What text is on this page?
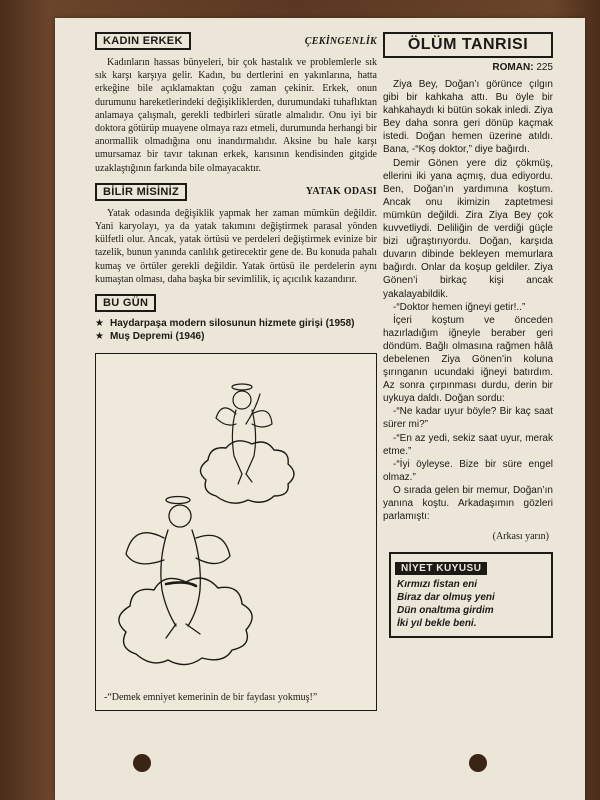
KADIN ERKEK	ÇEKİNGENLİK

Kadınların hassas bünyeleri, bir çok hastalık ve problemlerle sık sık karşı karşıya gelir. Kadın, bu dertlerini en yakınlarına, hatta erkeğine bile açıklamaktan çoğu zaman çekinir. Erkek, onun durumunu hareketlerindeki değişikliklerden, durumundaki tuhaflıktan anlamaya çalışmalı, gerekli tedbirleri süratle almalıdır. Onu iyi bir doktora götürüp muayene olmaya razı etmeli, durumunda herhangi bir anormallik olmadığına onu inandırmalıdır. Aksine bu hale karşı umursamaz bir tavır takınan erkek, karısının kendisinden gitgide uzaklaştığının farkında bile olmayacaktır.

BİLİR MİSİNİZ	YATAK ODASI

Yatak odasında değişiklik yapmak her zaman mümkün değildir. Yani karyolayı, ya da yatak takımını değiştirmek parasal yönden külfetli olur. Ancak, yatak örtüsü ve perdeleri değiştirmek evinize bir tazelik, bunun yanında canlılık getirecektir gene de. Bu konuda pahalı kumaş ve örtüler gerekli değildir. Yatak örtüsü ile perdelerin aynı kumaştan olması, daha başka bir sevimlilik, iç açıcılık kazandırır.

BU GÜN
★ Haydarpaşa modern silosunun hizmete girişi (1958)
★ Muş Depremi (1946)
-“Demek emniyet kemerinin de bir faydası yokmuş!”
ÖLÜM TANRISI
ROMAN: 225

Ziya Bey, Doğan’ı görünce çılgın gibi bir kahkaha attı. Bu öyle bir kahkahaydı ki bütün sokak inledi. Ziya Bey daha sonra geri dönüp kaçmak istedi. Doğan hemen üzerine atıldı. Bana, -“Koş doktor,” diye bağırdı.

Demir Gönen yere diz çökmüş, ellerini iki yana açmış, dua ediyordu. Ben, Doğan’ın yardımına koştum. Ancak onu ikimizin zaptetmesi mümkün değildi. Zira Ziya Bey çok kuvvetliydi. Deliliğin de verdiği güçle bizi uğraştırıyordu. Doğan, karşıda duvarın dibinde bekleyen memurlara bağırdı. Onlar da koşup geldiler. Ziya Gönen’i birkaç kişi ancak yakalayabildik.

-“Doktor hemen iğneyi getir!..”

İçeri koştum ve önceden hazırladığım iğneyle beraber geri döndüm. Bağlı olmasına rağmen hâlâ debelenen Ziya Gönen’in koluna şırınganın ucundaki iğneyi batırdım. Az sonra çırpınması durdu, derin bir uykuya daldı. Doğan sordu:

-“Ne kadar uyur böyle? Bir kaç saat sürer mi?”

-“En az yedi, sekiz saat uyur, merak etme.”

-“İyi öyleyse. Bize bir süre engel olmaz.”

O sırada gelen bir memur, Doğan’ın yanına koştu. Arkadaşımın gözleri parlamıştı:

(Arkası yarın)
NİYET KUYUSU
Kırmızı fistan eni
Biraz dar olmuş yeni
Dün onaltıma girdim
İki yıl bekle beni.
